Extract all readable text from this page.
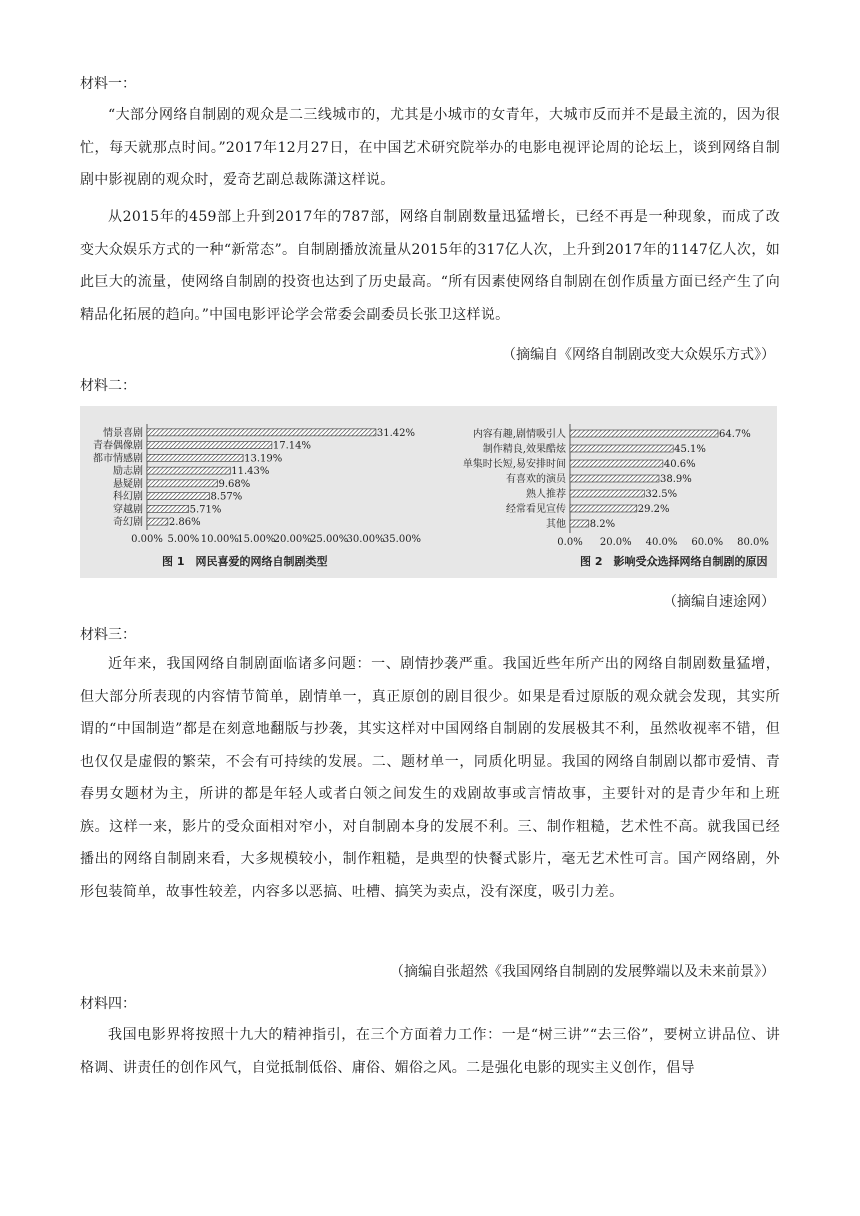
材料一：

“大部分网络自制剧的观众是二三线城市的，尤其是小城市的女青年，大城市反而并不是最主流的，因为很忙，每天就那点时间。”2017年12月27日，在中国艺术研究院举办的电影电视评论周的论坛上，谈到网络自制剧中影视剧的观众时，爱奇艺副总裁陈潇这样说。

从2015年的459部上升到2017年的787部，网络自制剧数量迅猛增长，已经不再是一种现象，而成了改变大众娱乐方式的一种“新常态”。自制剧播放流量从2015年的317亿人次，上升到2017年的1147亿人次，如此巨大的流量，使网络自制剧的投资也达到了历史最高。“所有因素使网络自制剧在创作质量方面已经产生了向精品化拓展的趋向。”中国电影评论学会常委会副委员长张卫这样说。

（摘编自《网络自制剧改变大众娱乐方式》）
材料二：
情景喜剧	31.42%
青春偶像剧	17.14%
都市情感剧	13.19%
励志剧	11.43%
悬疑剧	9.68%
科幻剧	8.57%
穿越剧	5.71%
奇幻剧	2.86%
0.00% 5.00% 10.00%
15.00%
20.00%
25.00%
30.00%
35.00%
图 1　网民喜爱的网络自制剧类型
内容有趣,剧情吸引人	64.7%
制作精良,效果酷炫	45.1%
单集时长短,易安排时间	40.6%
有喜欢的演员	38.9%
熟人推荐	32.5%
经常看见宣传	29.2%
其他 8.2%
0.0% 20.0% 40.0% 60.0% 80.0%
图 2　影响受众选择网络自制剧的原因
（摘编自速途网）
材料三：

近年来，我国网络自制剧面临诸多问题：一、剧情抄袭严重。我国近些年所产出的网络自制剧数量猛增，但大部分所表现的内容情节简单，剧情单一，真正原创的剧目很少。如果是看过原版的观众就会发现，其实所谓的“中国制造”都是在刻意地翻版与抄袭，其实这样对中国网络自制剧的发展极其不利，虽然收视率不错，但也仅仅是虚假的繁荣，不会有可持续的发展。二、题材单一，同质化明显。我国的网络自制剧以都市爱情、青春男女题材为主，所讲的都是年轻人或者白领之间发生的戏剧故事或言情故事，主要针对的是青少年和上班族。这样一来，影片的受众面相对窄小，对自制剧本身的发展不利。三、制作粗糙，艺术性不高。就我国已经播出的网络自制剧来看，大多规模较小，制作粗糙，是典型的快餐式影片，毫无艺术性可言。国产网络剧，外形包装简单，故事性较差，内容多以恶搞、吐槽、搞笑为卖点，没有深度，吸引力差。

（摘编自张超然《我国网络自制剧的发展弊端以及未来前景》）
材料四：

我国电影界将按照十九大的精神指引，在三个方面着力工作：一是“树三讲”“去三俗”，要树立讲品位、讲格调、讲责任的创作风气，自觉抵制低俗、庸俗、媚俗之风。二是强化电影的现实主义创作，倡导
